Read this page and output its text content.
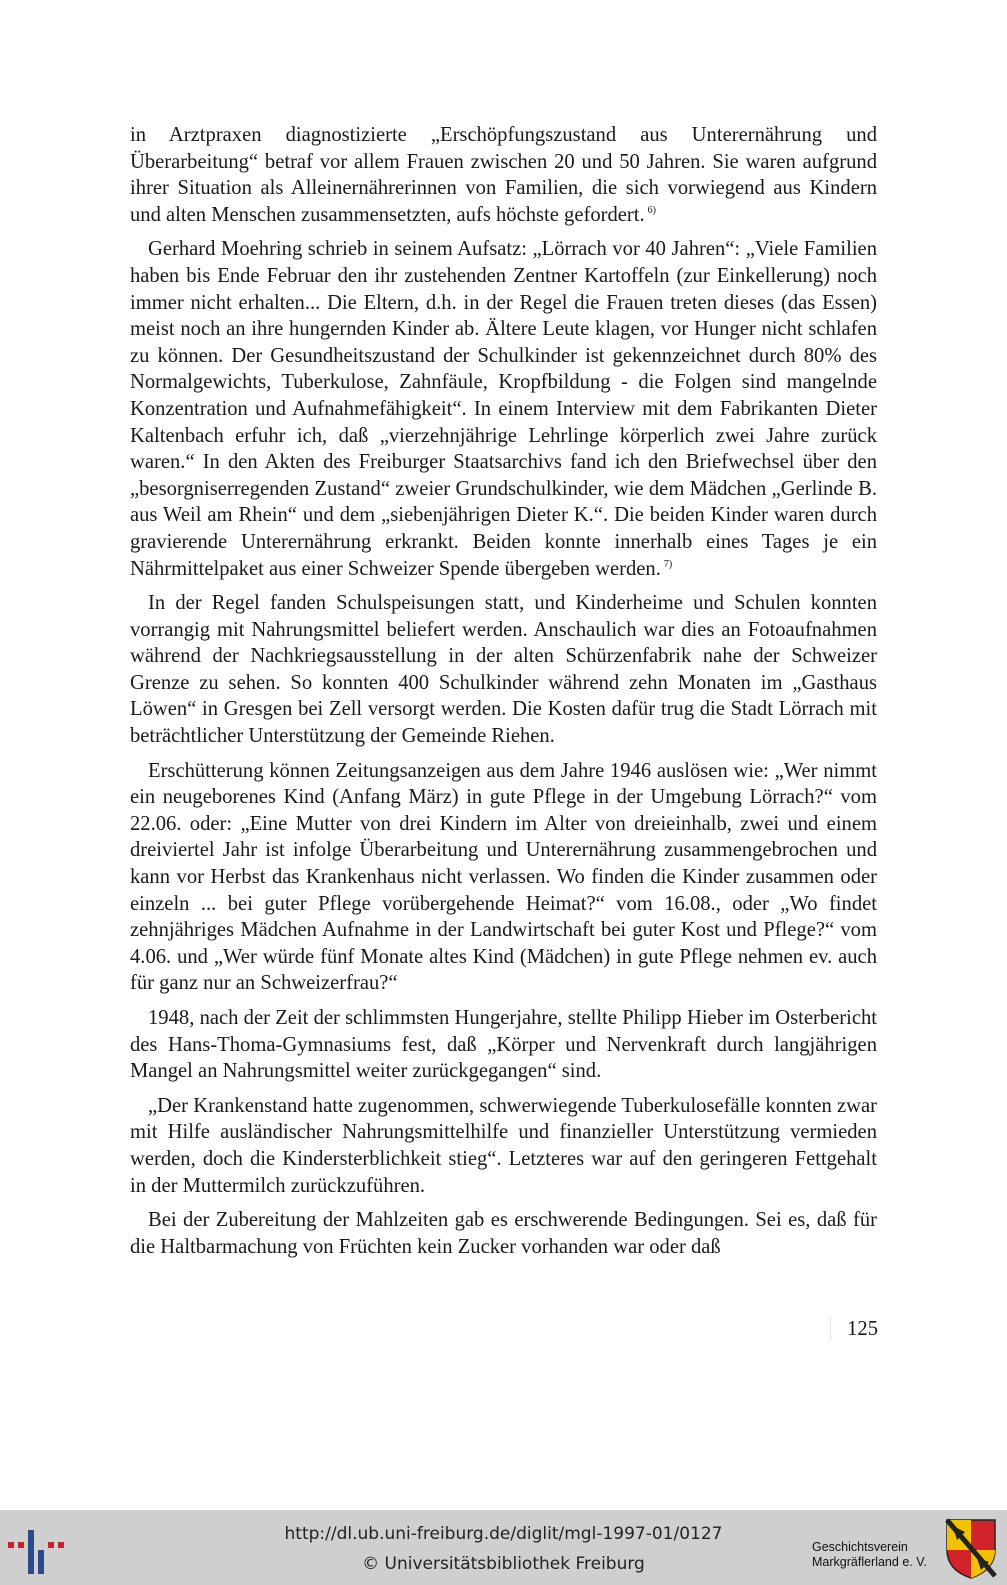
in Arztpraxen diagnostizierte „Erschöpfungszustand aus Unterernährung und Überarbeitung“ betraf vor allem Frauen zwischen 20 und 50 Jahren. Sie waren aufgrund ihrer Situation als Alleinernährerinnen von Familien, die sich vorwiegend aus Kindern und alten Menschen zusammensetzten, aufs höchste gefordert. $^{6)}$

Gerhard Moehring schrieb in seinem Aufsatz: „Lörrach vor 40 Jahren“: „Viele Familien haben bis Ende Februar den ihr zustehenden Zentner Kartoffeln (zur Einkellerung) noch immer nicht erhalten... Die Eltern, d.h. in der Regel die Frauen treten dieses (das Essen) meist noch an ihre hungernden Kinder ab. Ältere Leute klagen, vor Hunger nicht schlafen zu können. Der Gesundheitszustand der Schulkinder ist gekennzeichnet durch 80% des Normalgewichts, Tuberkulose, Zahnfäule, Kropfbildung - die Folgen sind mangelnde Konzentration und Aufnahmefähigkeit“. In einem Interview mit dem Fabrikanten Dieter Kaltenbach erfuhr ich, daß „vierzehnjährige Lehrlinge körperlich zwei Jahre zurück waren.“ In den Akten des Freiburger Staatsarchivs fand ich den Briefwechsel über den „besorgniserregenden Zustand“ zweier Grundschulkinder, wie dem Mädchen „Gerlinde B. aus Weil am Rhein“ und dem „siebenjährigen Dieter K.“. Die beiden Kinder waren durch gravierende Unterernährung erkrankt. Beiden konnte innerhalb eines Tages je ein Nährmittelpaket aus einer Schweizer Spende übergeben werden. $^{7)}$

In der Regel fanden Schulspeisungen statt, und Kinderheime und Schulen konnten vorrangig mit Nahrungsmittel beliefert werden. Anschaulich war dies an Fotoaufnahmen während der Nachkriegsausstellung in der alten Schürzenfabrik nahe der Schweizer Grenze zu sehen. So konnten 400 Schulkinder während zehn Monaten im „Gasthaus Löwen“ in Gresgen bei Zell versorgt werden. Die Kosten dafür trug die Stadt Lörrach mit beträchtlicher Unterstützung der Gemeinde Riehen.

Erschütterung können Zeitungsanzeigen aus dem Jahre 1946 auslösen wie: „Wer nimmt ein neugeborenes Kind (Anfang März) in gute Pflege in der Umgebung Lörrach?“ vom 22.06. oder: „Eine Mutter von drei Kindern im Alter von dreieinhalb, zwei und einem dreiviertel Jahr ist infolge Überarbeitung und Unterernährung zusammengebrochen und kann vor Herbst das Krankenhaus nicht verlassen. Wo finden die Kinder zusammen oder einzeln ... bei guter Pflege vorübergehende Heimat?“ vom 16.08., oder „Wo findet zehnjähriges Mädchen Aufnahme in der Landwirtschaft bei guter Kost und Pflege?“ vom 4.06. und „Wer würde fünf Monate altes Kind (Mädchen) in gute Pflege nehmen ev. auch für ganz nur an Schweizerfrau?“

1948, nach der Zeit der schlimmsten Hungerjahre, stellte Philipp Hieber im Osterbericht des Hans-Thoma-Gymnasiums fest, daß „Körper und Nervenkraft durch langjährigen Mangel an Nahrungsmittel weiter zurückgegangen“ sind.

„Der Krankenstand hatte zugenommen, schwerwiegende Tuberkulosefälle konnten zwar mit Hilfe ausländischer Nahrungsmittelhilfe und finanzieller Unterstützung vermieden werden, doch die Kindersterblichkeit stieg“. Letzteres war auf den geringeren Fettgehalt in der Muttermilch zurückzuführen.

Bei der Zubereitung der Mahlzeiten gab es erschwerende Bedingungen. Sei es, daß für die Haltbarmachung von Früchten kein Zucker vorhanden war oder daß

125
http://dl.ub.uni-freiburg.de/diglit/mgl-1997-01/0127
© Universitätsbibliothek Freiburg
Geschichtsverein
Markgräflerland e. V.
